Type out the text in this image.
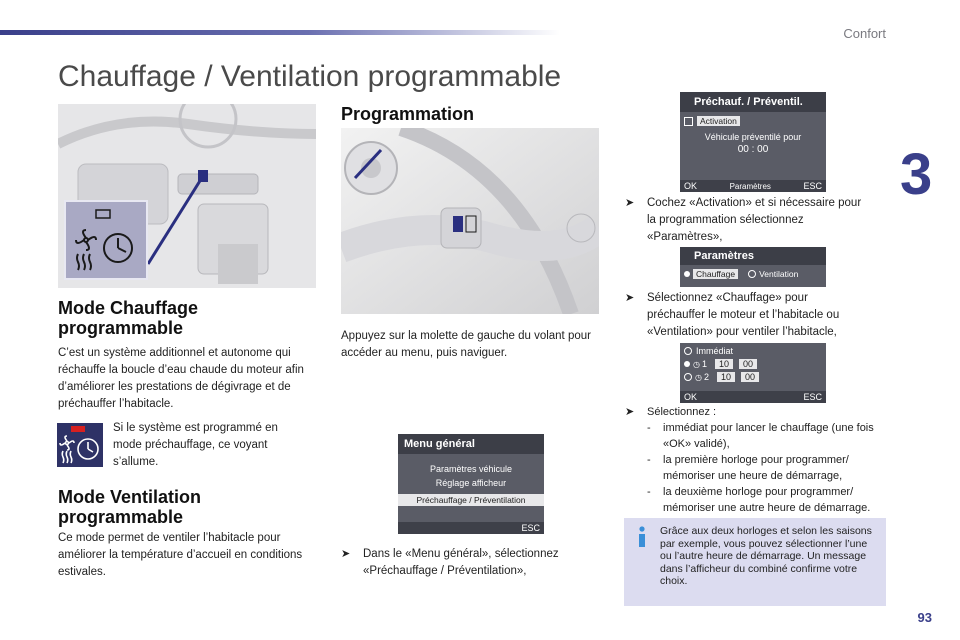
Confort
3
Chauffage / Ventilation programmable
Mode Chauffage
programmable
C’est un système additionnel et autonome qui réchauffe la boucle d’eau chaude du moteur afin d’améliorer les prestations de dégivrage et de préchauffer l’habitacle.
Si le système est programmé en mode préchauffage, ce voyant s’allume.
Mode Ventilation
programmable
Ce mode permet de ventiler l’habitacle pour améliorer la température d’accueil en conditions estivales.
Programmation
Appuyez sur la molette de gauche du volant pour accéder au menu, puis naviguer.
Menu général
Paramètres véhicule
Réglage afficheur
Préchauffage / Préventilation
ESC
➤ Dans le «Menu général», sélectionnez «Préchauffage / Préventilation»,
Préchauf. / Préventil.
Activation
Véhicule préventilé pour
00 : 00
OK	Paramètres	ESC
➤ Cochez «Activation» et si nécessaire pour la programmation sélectionnez «Paramètres»,
Paramètres
Chauffage	Ventilation
➤ Sélectionnez «Chauffage» pour préchauffer le moteur et l’habitacle ou «Ventilation» pour ventiler l’habitacle,
Immédiat
◷ 1	10	00
◷ 2	10	00
OK	ESC
➤ Sélectionnez :
- immédiat pour lancer le chauffage (une fois «OK» validé),
- la première horloge pour programmer/ mémoriser une heure de démarrage,
- la deuxième horloge pour programmer/ mémoriser une autre heure de démarrage.
Grâce aux deux horloges et selon les saisons par exemple, vous pouvez sélectionner l’une ou l’autre heure de démarrage. Un message dans l’afficheur du combiné confirme votre choix.
93
